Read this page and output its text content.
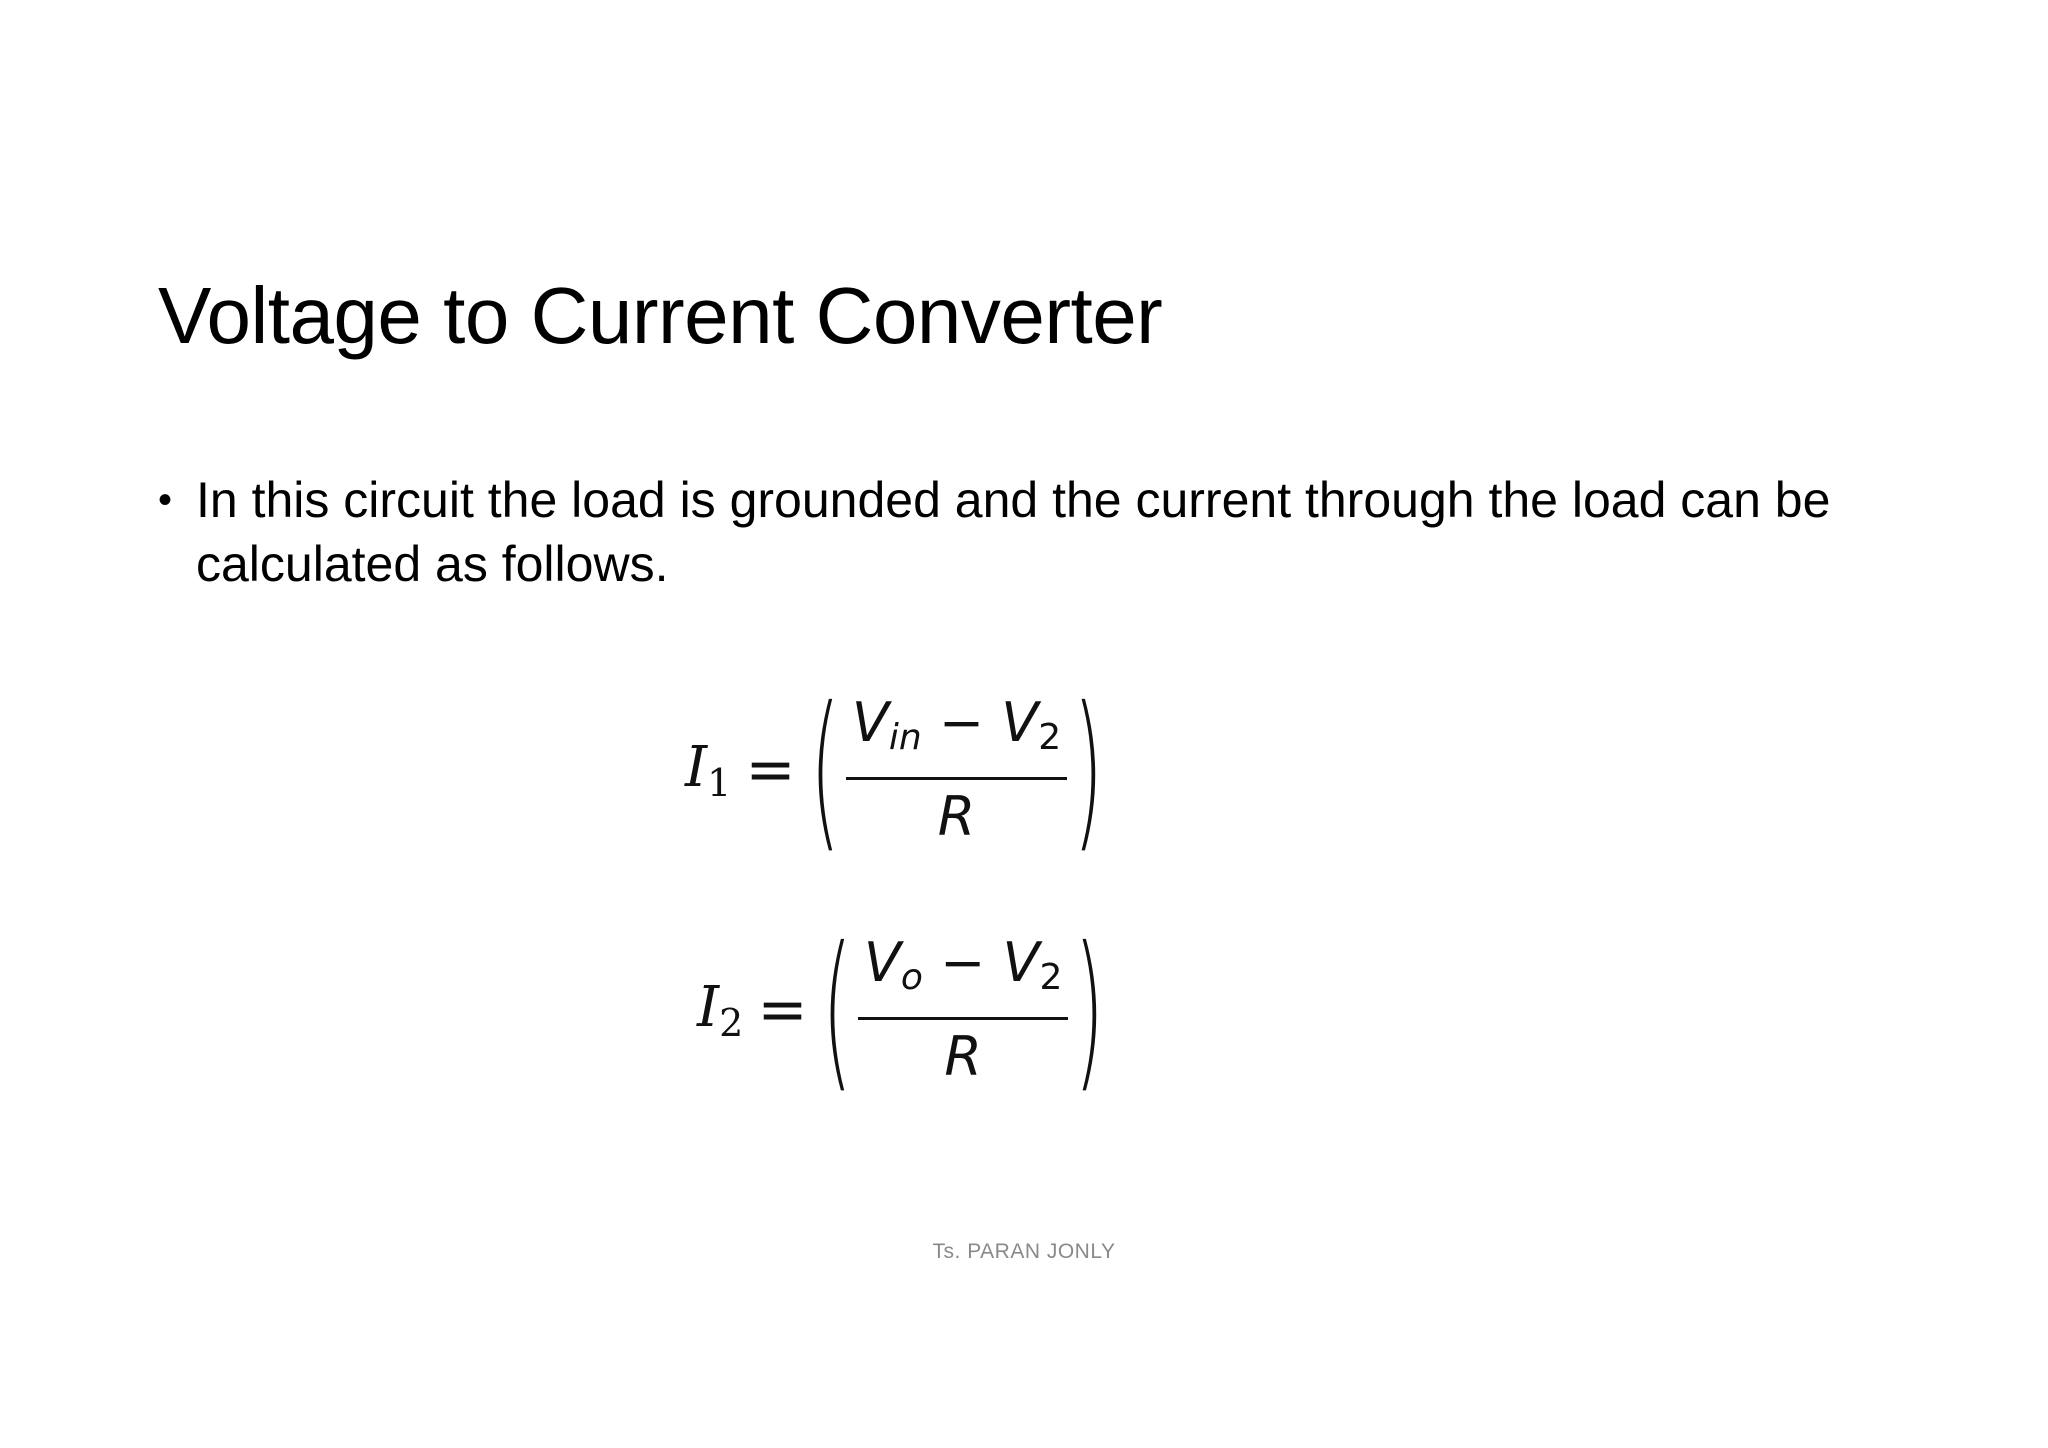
Voltage to Current Converter
• In this circuit the load is grounded and the current through the load can be calculated as follows.
$I_1$ = (
$\frac{V_{in} - V_2}{R}$
)
$I_2$ = (
$\frac{V_o - V_2}{R}$
)
Ts. PARAN JONLY
